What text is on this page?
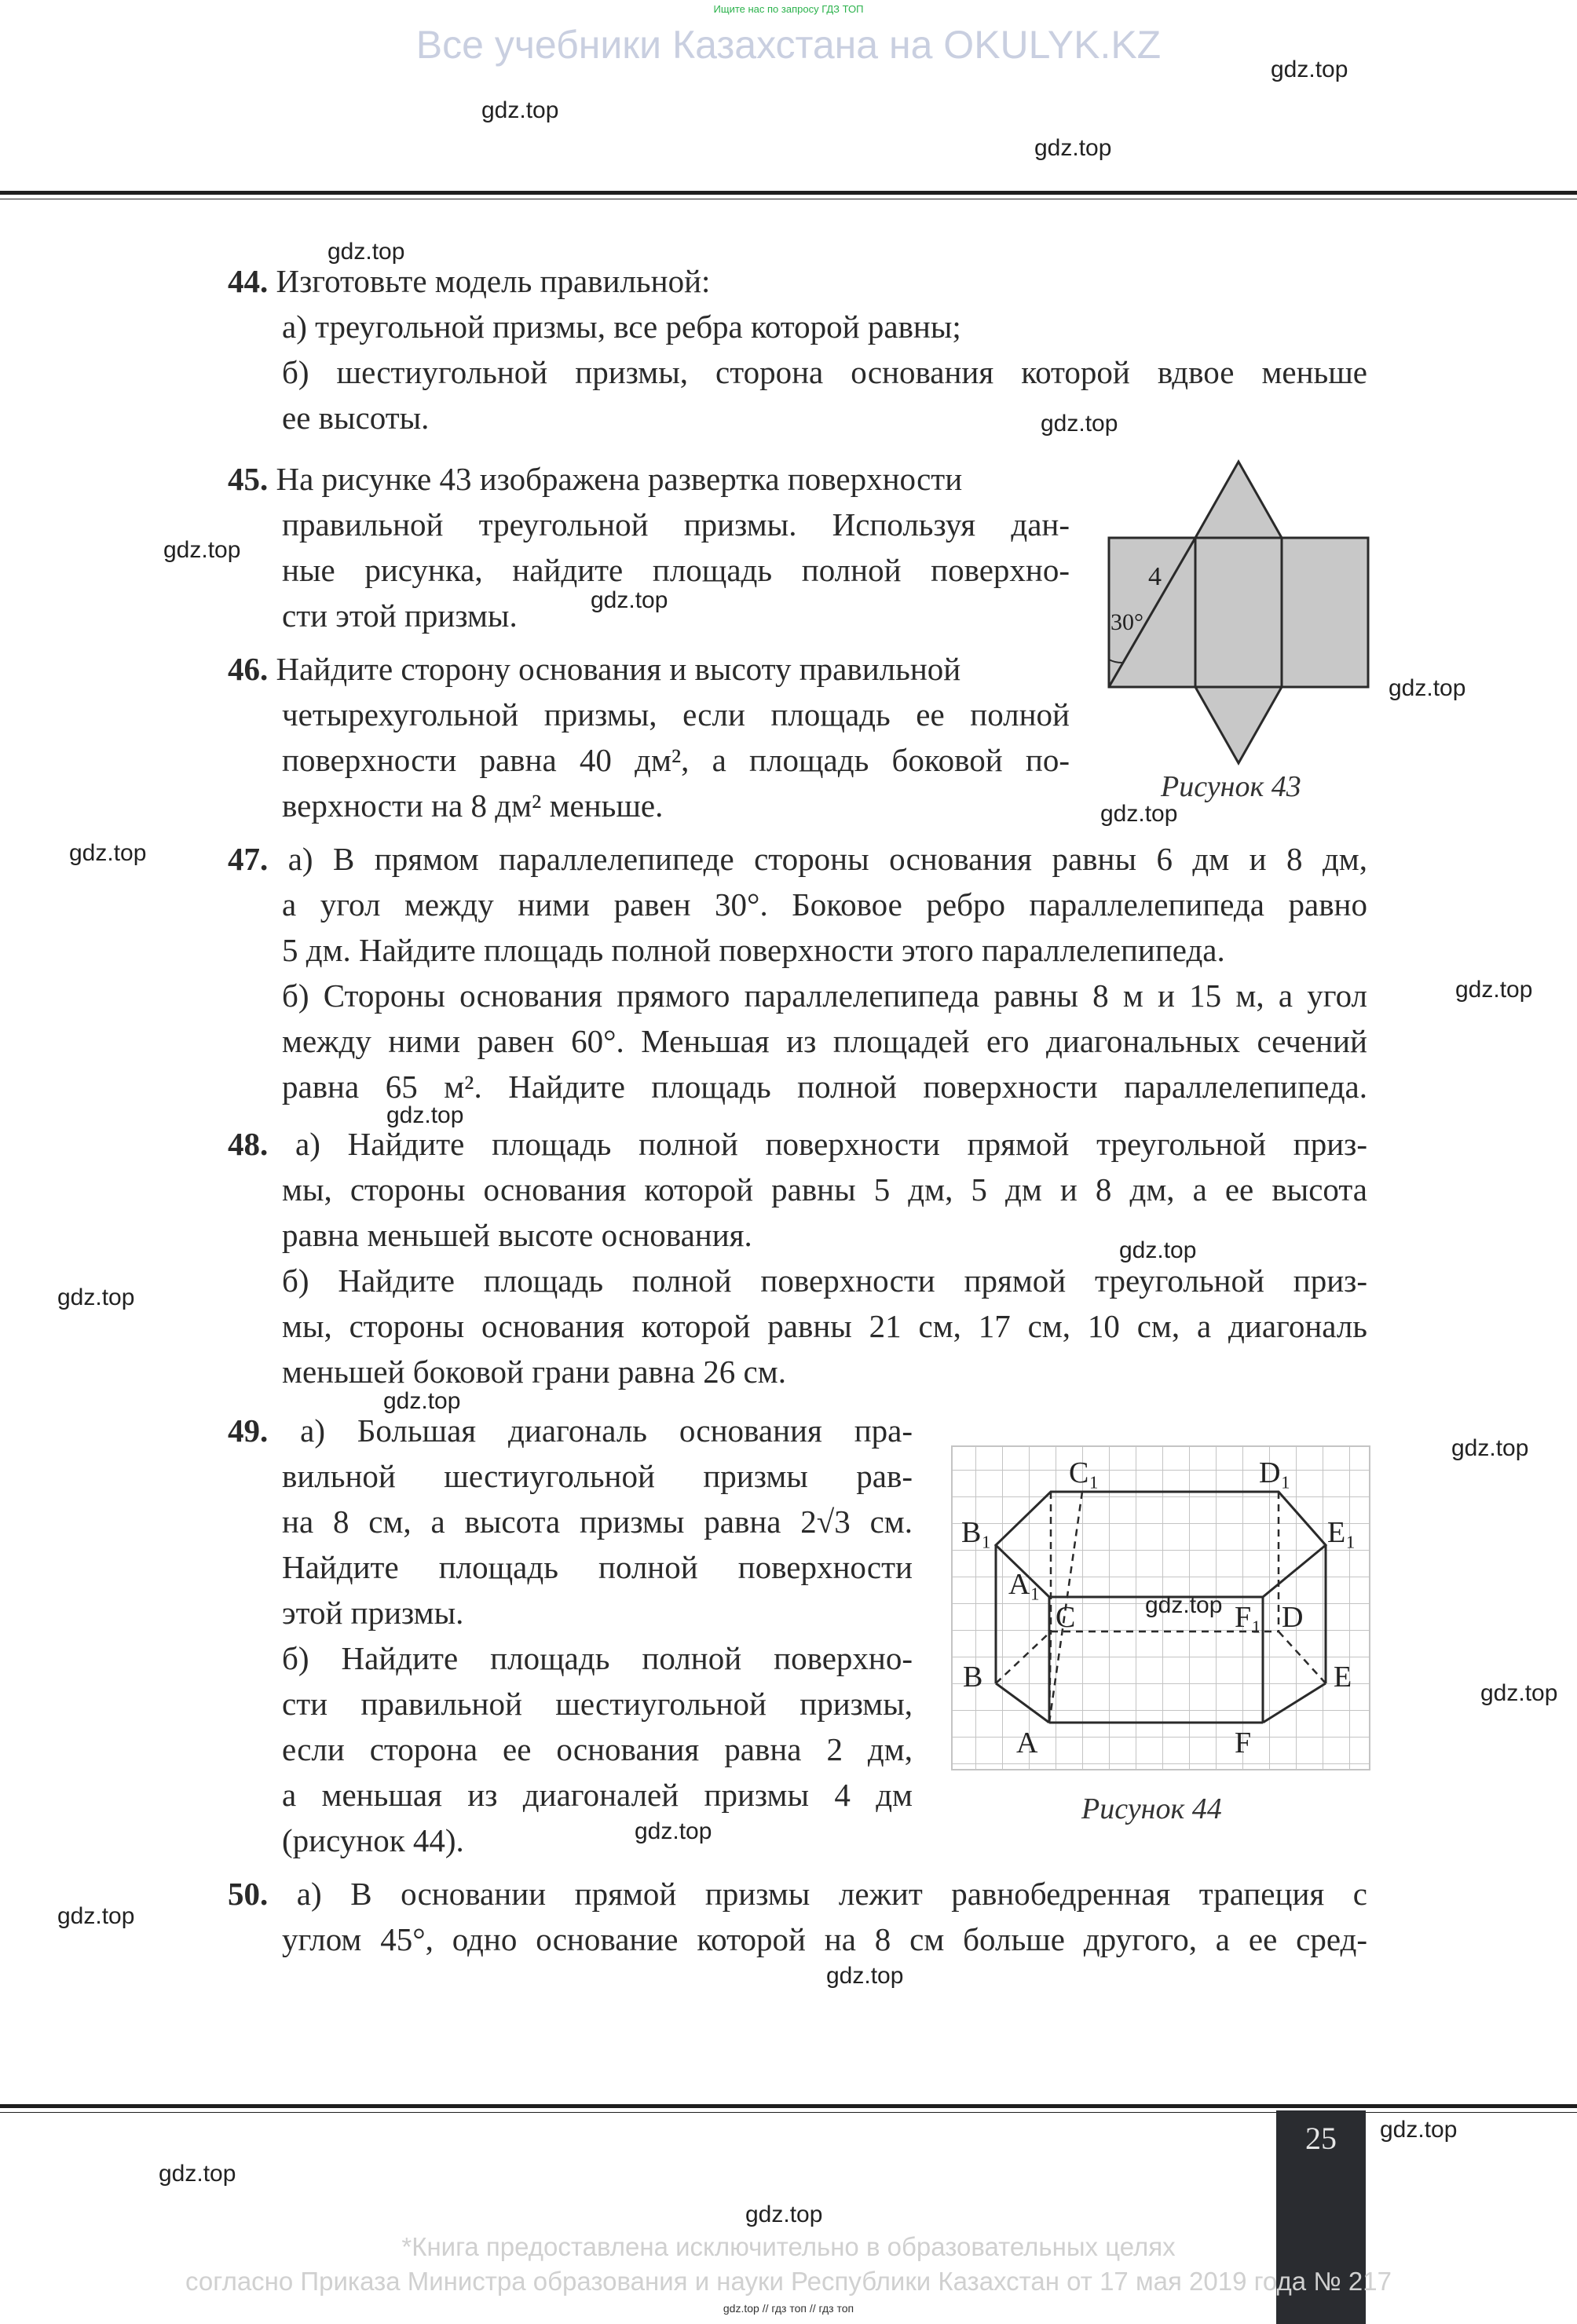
Ищите нас по запросу ГДЗ ТОП
Все учебники Казахстана на OKULYK.KZ
44. Изготовьте модель правильной:
а) треугольной призмы, все ребра которой равны;
б) шестиугольной призмы, сторона основания которой вдвое меньше
ее высоты.
45. На рисунке 43 изображена развертка поверхности
правильной треугольной призмы. Используя дан-
ные рисунка, найдите площадь полной поверхно-
сти этой призмы.
46. Найдите сторону основания и высоту правильной
четырехугольной призмы, если площадь ее полной
поверхности равна 40 дм², а площадь боковой по-
верхности на 8 дм² меньше.
4
30°
Рисунок 43
47. а) В прямом параллелепипеде стороны основания равны 6 дм и 8 дм,
а угол между ними равен 30°. Боковое ребро параллелепипеда равно
5 дм. Найдите площадь полной поверхности этого параллелепипеда.
б) Стороны основания прямого параллелепипеда равны 8 м и 15 м, а угол
между ними равен 60°. Меньшая из площадей его диагональных сечений
равна 65 м². Найдите площадь полной поверхности параллелепипеда.
48. а) Найдите площадь полной поверхности прямой треугольной приз-
мы, стороны основания которой равны 5 дм, 5 дм и 8 дм, а ее высота
равна меньшей высоте основания.
б) Найдите площадь полной поверхности прямой треугольной приз-
мы, стороны основания которой равны 21 см, 17 см, 10 см, а диагональ
меньшей боковой грани равна 26 см.
49. а) Большая диагональ основания пра-
вильной шестиугольной призмы рав-
на 8 см, а высота призмы равна 2√3 см.
Найдите площадь полной поверхности
этой призмы.
б) Найдите площадь полной поверхно-
сти правильной шестиугольной призмы,
если сторона ее основания равна 2 дм,
а меньшая из диагоналей призмы 4 дм
(рисунок 44).
C₁	D₁
B₁	E₁
A₁
C	F₁ D
B	E
A	F
Рисунок 44
50. а) В основании прямой призмы лежит равнобедренная трапеция с
углом 45°, одно основание которой на 8 см больше другого, а ее сред-
25
*Книга предоставлена исключительно в образовательных целях
согласно Приказа Министра образования и науки Республики Казахстан от 17 мая 2019 года № 217
gdz.top // гдз топ // гдз топ
gdz.top
gdz.top
gdz.top
gdz.top
gdz.top
gdz.top
gdz.top
gdz.top
gdz.top
gdz.top
gdz.top
gdz.top
gdz.top
gdz.top
gdz.top
gdz.top
gdz.top
gdz.top
gdz.top
gdz.top
gdz.top
gdz.top
gdz.top
gdz.top
